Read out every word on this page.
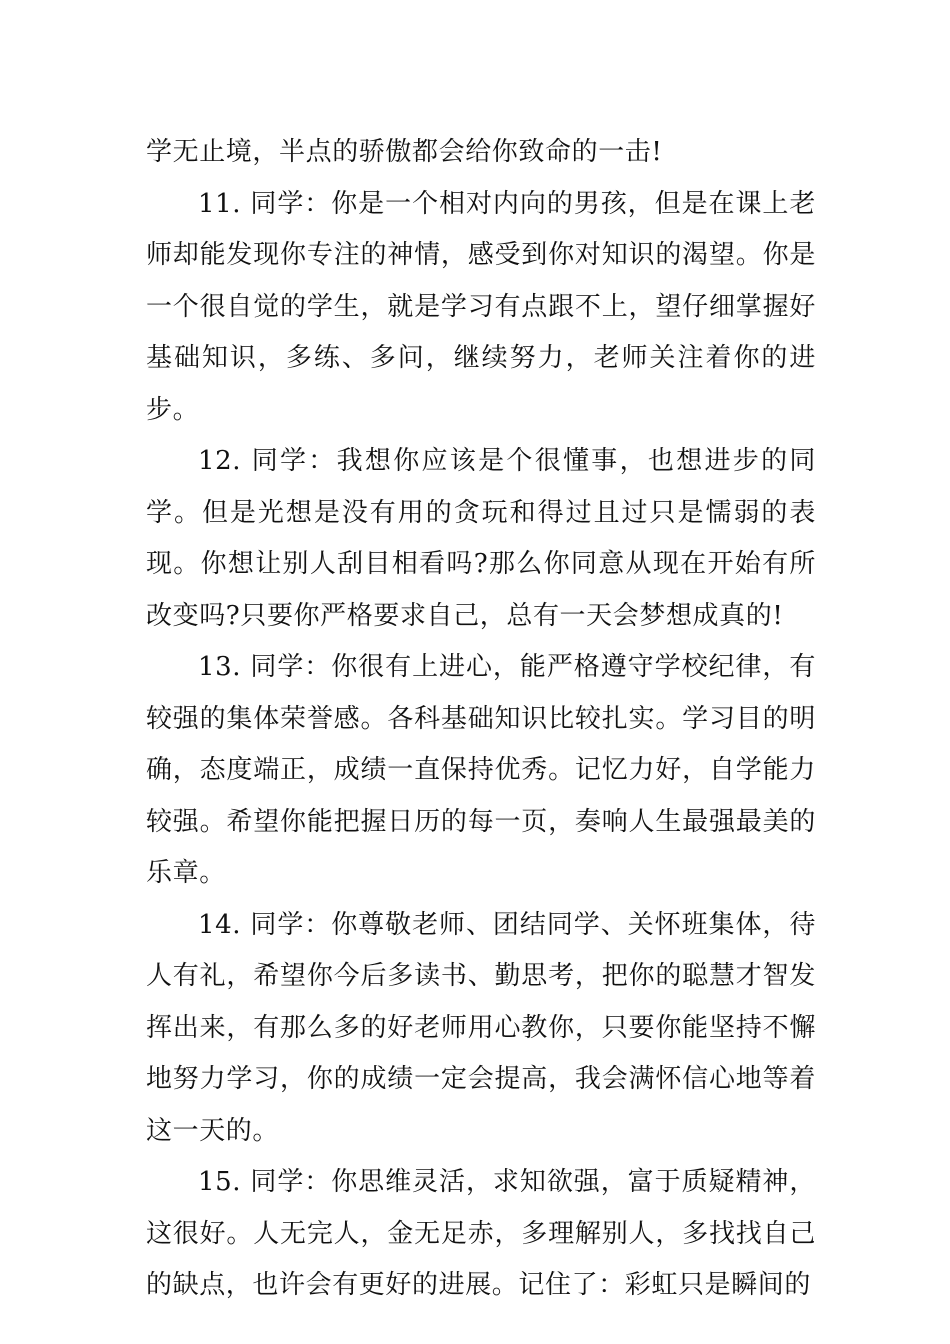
学无止境，半点的骄傲都会给你致命的一击!

11. 同学：你是一个相对内向的男孩，但是在课上老师却能发现你专注的神情，感受到你对知识的渴望。你是一个很自觉的学生，就是学习有点跟不上，望仔细掌握好基础知识，多练、多问，继续努力，老师关注着你的进步。

12. 同学：我想你应该是个很懂事，也想进步的同学。但是光想是没有用的贪玩和得过且过只是懦弱的表现。你想让别人刮目相看吗?那么你同意从现在开始有所改变吗?只要你严格要求自己，总有一天会梦想成真的!

13. 同学：你很有上进心，能严格遵守学校纪律，有较强的集体荣誉感。各科基础知识比较扎实。学习目的明确，态度端正，成绩一直保持优秀。记忆力好，自学能力较强。希望你能把握日历的每一页，奏响人生最强最美的乐章。

14. 同学：你尊敬老师、团结同学、关怀班集体，待人有礼，希望你今后多读书、勤思考，把你的聪慧才智发挥出来，有那么多的好老师用心教你，只要你能坚持不懈地努力学习，你的成绩一定会提高，我会满怀信心地等着这一天的。

15. 同学：你思维灵活，求知欲强，富于质疑精神，这很好。人无完人，金无足赤，多理解别人，多找找自己的缺点，也许会有更好的进展。记住了：彩虹只是瞬间的
